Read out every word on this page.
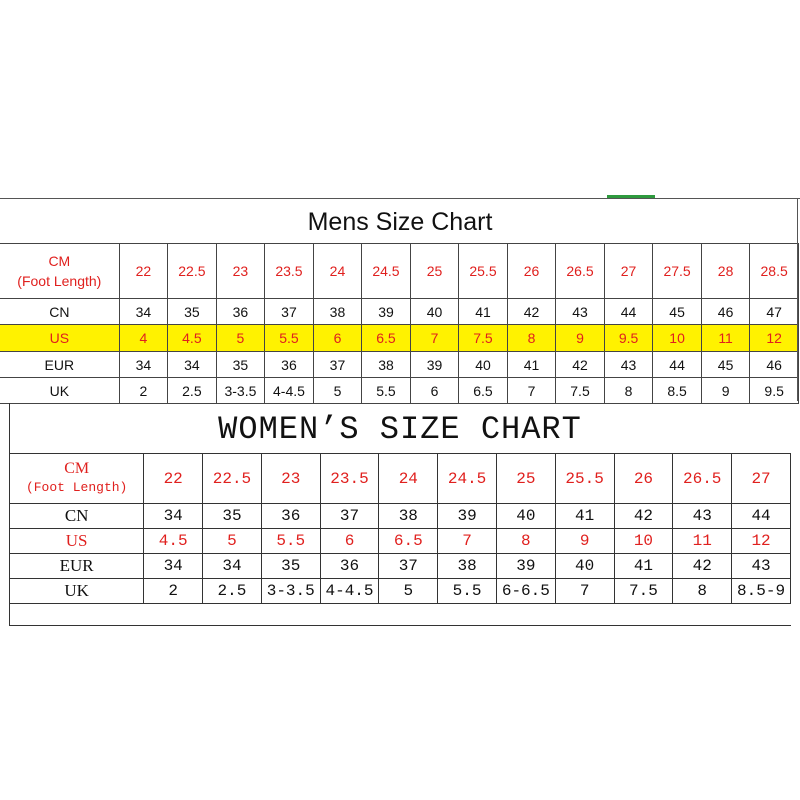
Mens Size Chart
CM
(Foot Length)	22	22.5	23	23.5	24	24.5	25	25.5	26	26.5	27	27.5	28	28.5
CN	34	35	36	37	38	39	40	41	42	43	44	45	46	47
US	4	4.5	5	5.5	6	6.5	7	7.5	8	9	9.5	10	11	12
EUR	34	34	35	36	37	38	39	40	41	42	43	44	45	46
UK	2	2.5	3-3.5	4-4.5	5	5.5	6	6.5	7	7.5	8	8.5	9	9.5
WOMEN’S SIZE CHART
CM
(Foot Length)	22	22.5	23	23.5	24	24.5	25	25.5	26	26.5	27
CN	34	35	36	37	38	39	40	41	42	43	44
US	4.5	5	5.5	6	6.5	7	8	9	10	11	12
EUR	34	34	35	36	37	38	39	40	41	42	43
UK	2	2.5	3-3.5	4-4.5	5	5.5	6-6.5	7	7.5	8	8.5-9
